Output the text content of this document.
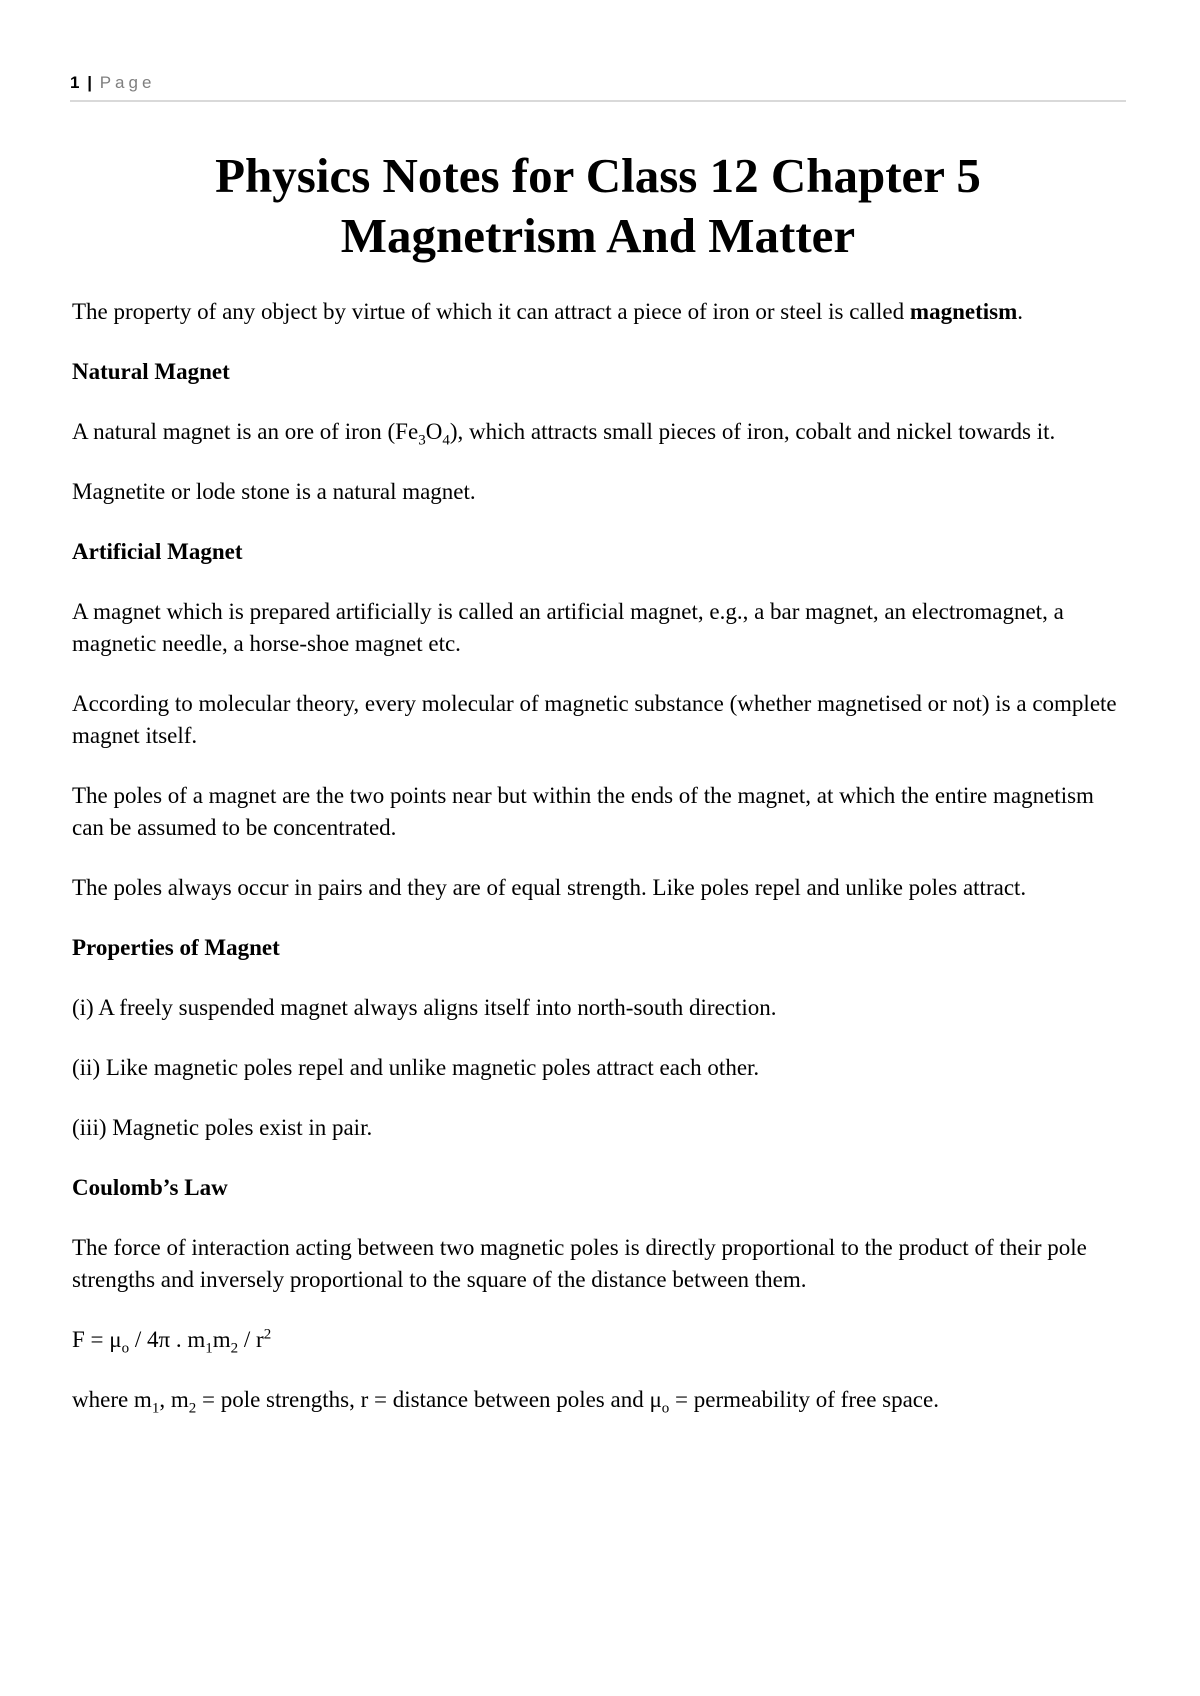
1 | Page
Physics Notes for Class 12 Chapter 5
Magnetrism And Matter

The property of any object by virtue of which it can attract a piece of iron or steel is called magnetism.

Natural Magnet

A natural magnet is an ore of iron $(Fe_3O_4)$, which attracts small pieces of iron, cobalt and nickel towards it.

Magnetite or lode stone is a natural magnet.

Artificial Magnet

A magnet which is prepared artificially is called an artificial magnet, e.g., a bar magnet, an electromagnet, a magnetic needle, a horse-shoe magnet etc.

According to molecular theory, every molecular of magnetic substance (whether magnetised or not) is a complete magnet itself.

The poles of a magnet are the two points near but within the ends of the magnet, at which the entire magnetism can be assumed to be concentrated.

The poles always occur in pairs and they are of equal strength. Like poles repel and unlike poles attract.

Properties of Magnet

(i) A freely suspended magnet always aligns itself into north-south direction.

(ii) Like magnetic poles repel and unlike magnetic poles attract each other.

(iii) Magnetic poles exist in pair.

Coulomb’s Law

The force of interaction acting between two magnetic poles is directly proportional to the product of their pole strengths and inversely proportional to the square of the distance between them.

$F = \mu_o / 4\pi$ . $m_1m_2 / r^2$

where $m_1$, $m_2$ = pole strengths, r = distance between poles and $\mu_o$ = permeability of free space.
